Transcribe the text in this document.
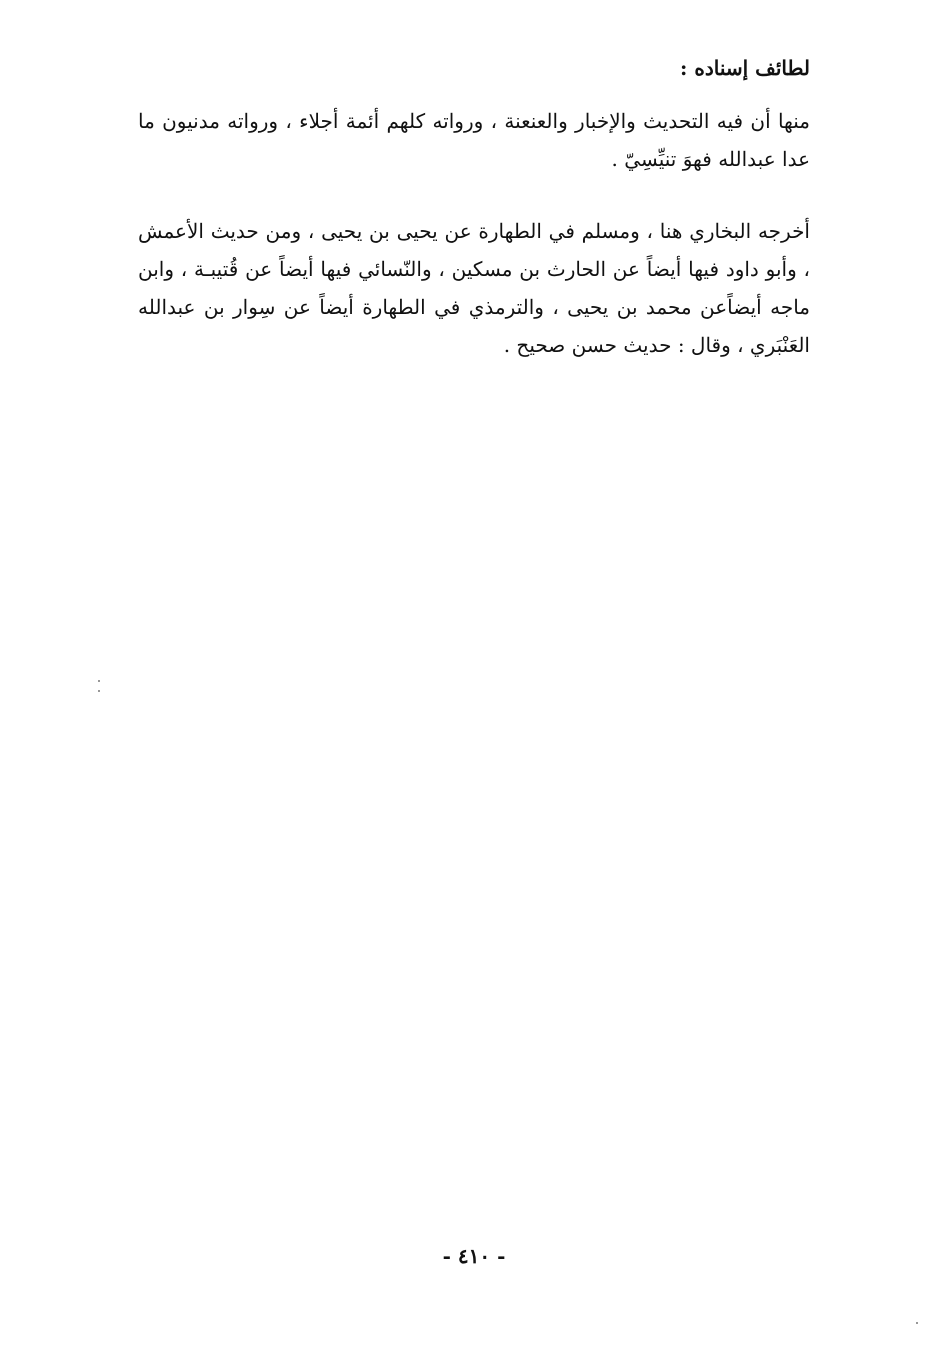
لطائف إسناده :

منها أن فيه التحديث والإخبار والعنعنة ، ورواته كلهم أئمة أجلاء ، ورواته مدنيون ما عدا عبدالله فهوَ تنيِّسِيّ .

أخرجه البخاري هنا ، ومسلم في الطهارة عن يحيى بن يحيى ، ومن حديث الأعمش ، وأبو داود فيها أيضاً عن الحارث بن مسكين ، والنّسائي فيها أيضاً عن قُتيبـة ، وابن ماجه أيضاًعن محمد بن يحيى ، والترمذي في الطهارة أيضاً عن سِوار بن عبدالله العَنْبَري ، وقال : حديث حسن صحيح .

- ٤١٠ -
